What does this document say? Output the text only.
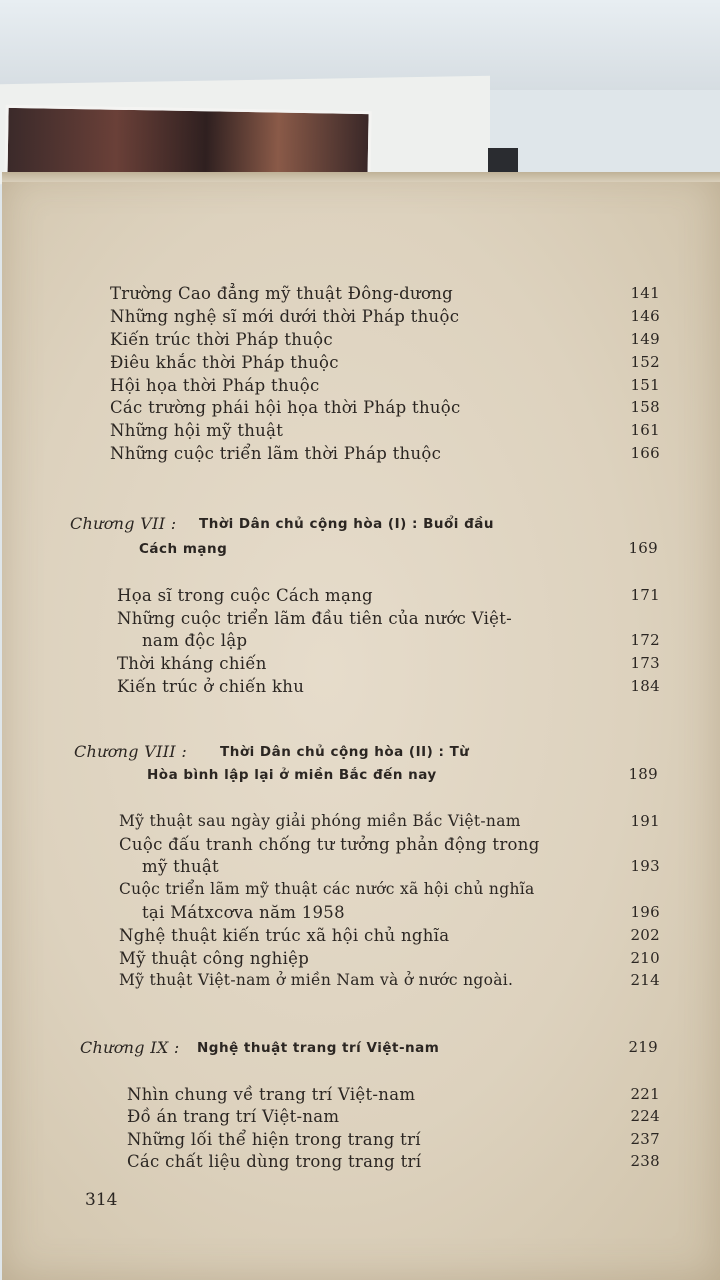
Trường Cao đẳng mỹ thuật Đông-dương	141
Những nghệ sĩ mới dưới thời Pháp thuộc	146
Kiến trúc thời Pháp thuộc	149
Điêu khắc thời Pháp thuộc	152
Hội họa thời Pháp thuộc	151
Các trường phái hội họa thời Pháp thuộc	158
Những hội mỹ thuật	161
Những cuộc triển lãm thời Pháp thuộc	166
Chương VII : Thời Dân chủ cộng hòa (I) : Buổi đầu
Cách mạng	169
Họa sĩ trong cuộc Cách mạng	171
Những cuộc triển lãm đầu tiên của nước Việt-
nam độc lập	172
Thời kháng chiến	173
Kiến trúc ở chiến khu	184
Chương VIII : Thời Dân chủ cộng hòa (II) : Từ
Hòa bình lập lại ở miền Bắc đến nay	189
Mỹ thuật sau ngày giải phóng miền Bắc Việt-nam	191
Cuộc đấu tranh chống tư tưởng phản động trong
mỹ thuật	193
Cuộc triển lãm mỹ thuật các nước xã hội chủ nghĩa
tại Mátxcơva năm 1958	196
Nghệ thuật kiến trúc xã hội chủ nghĩa	202
Mỹ thuật công nghiệp	210
Mỹ thuật Việt-nam ở miền Nam và ở nước ngoài.	214
Chương IX : Nghệ thuật trang trí Việt-nam	219
Nhìn chung về trang trí Việt-nam	221
Đồ án trang trí Việt-nam	224
Những lối thể hiện trong trang trí	237
Các chất liệu dùng trong trang trí	238
314
